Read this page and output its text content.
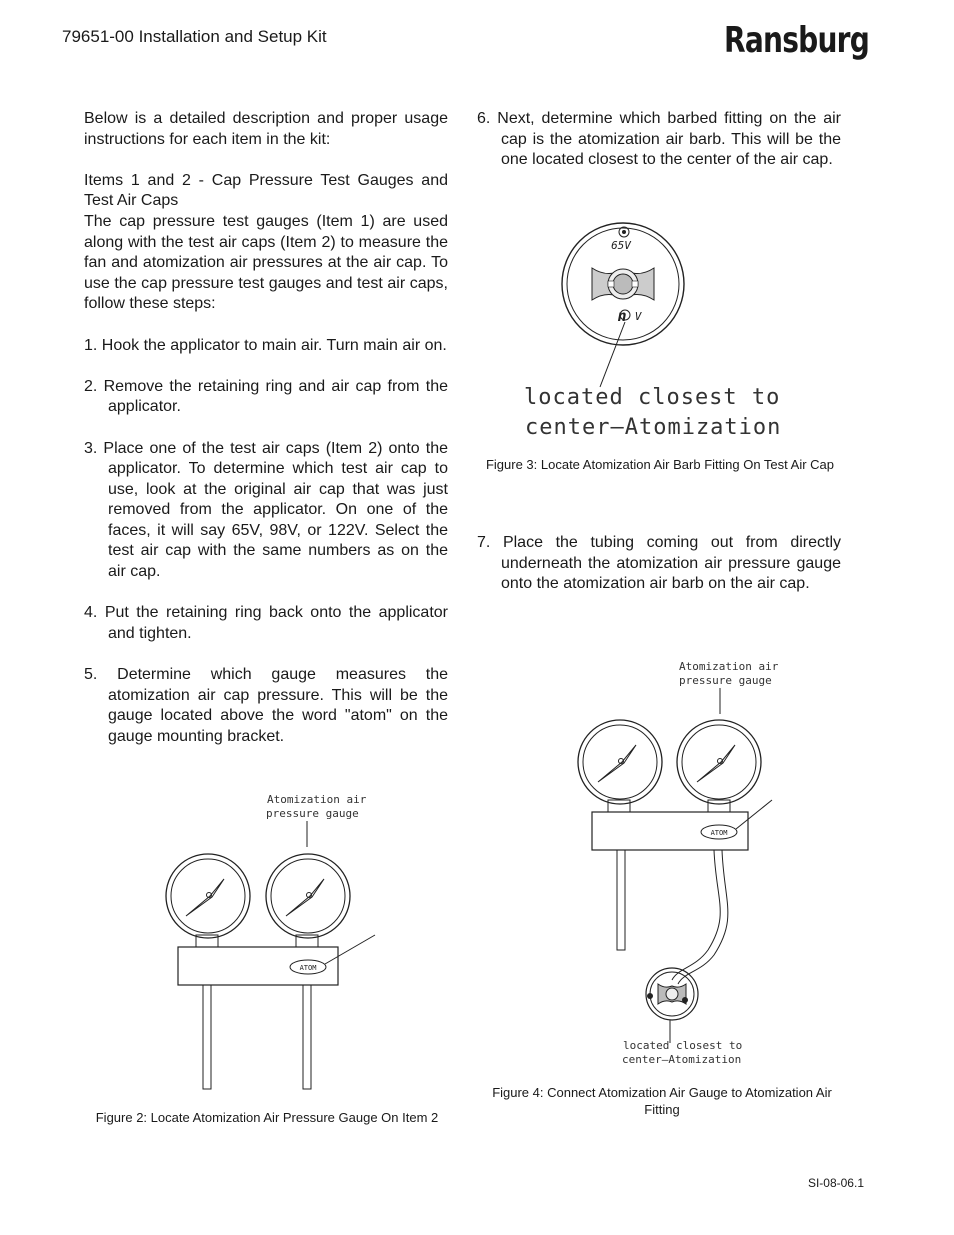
79651-00 Installation and Setup Kit	Ransburg

Below is a detailed description and proper usage instructions for each item in the kit:

Items 1 and 2 - Cap Pressure Test Gauges and Test Air Caps

The cap pressure test gauges (Item 1) are used along with the test air caps (Item 2) to measure the fan and atomization air pressures at the air cap. To use the cap pressure test gauges and test air caps, follow these steps:

1. Hook the applicator to main air. Turn main air on.

2. Remove the retaining ring and air cap from the applicator.

3. Place one of the test air caps (Item 2) onto the applicator. To determine which test air cap to use, look at the original air cap that was just removed from the applicator. On one of the faces, it will say 65V, 98V, or 122V. Select the test air cap with the same numbers as on the air cap.

4. Put the retaining ring back onto the applicator and tighten.

5. Determine which gauge measures the atomization air cap pressure. This will be the gauge located above the word "atom" on the gauge mounting bracket.

Atomization air
pressure gauge
ATOM
Figure 2: Locate Atomization Air Pressure Gauge On Item 2

6. Next, determine which barbed fitting on the air cap is the atomization air barb. This will be the one located closest to the center of the air cap.

65V
n V
located closest to
center—Atomization
Figure 3: Locate Atomization Air Barb Fitting On Test Air Cap

7. Place the tubing coming out from directly underneath the atomization air pressure gauge onto the atomization air barb on the air cap.

Atomization air
pressure gauge
ATOM
located closest to
center—Atomization
Figure 4: Connect Atomization Air Gauge to Atomization Air Fitting
SI-08-06.1
